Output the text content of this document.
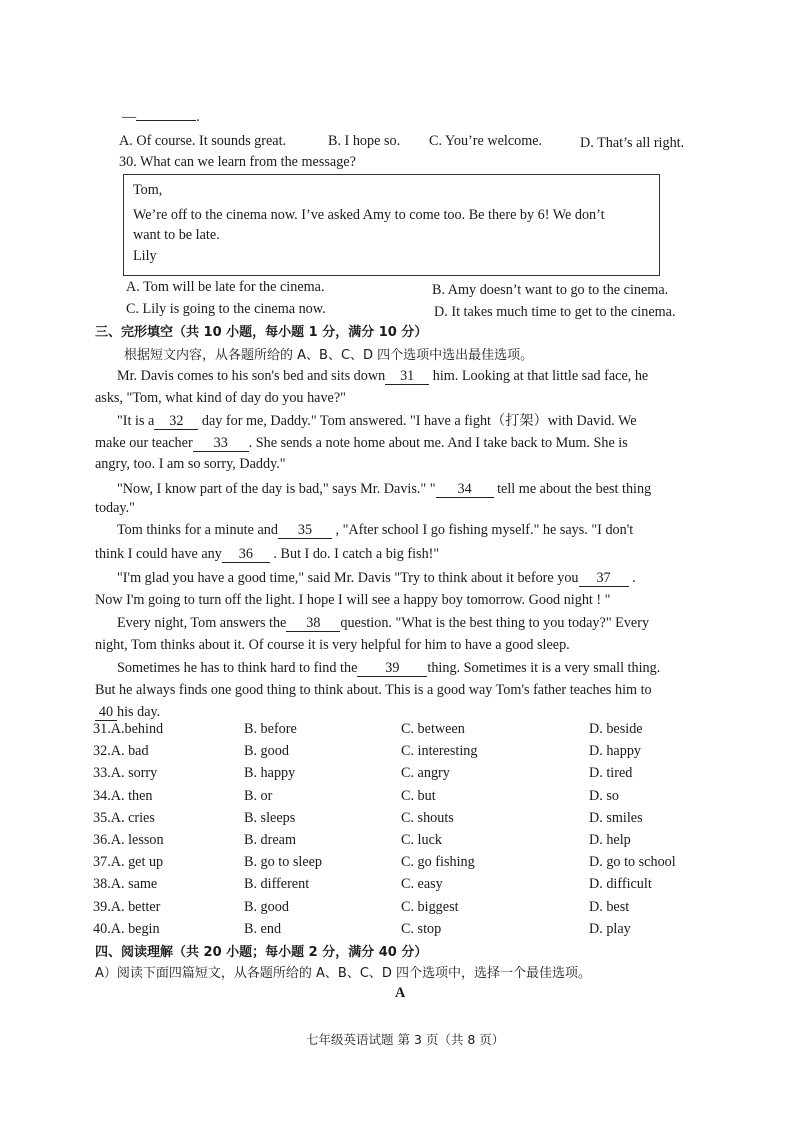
—	.
A. Of course. It sounds great.	B. I hope so. C. You’re welcome.	D. That’s all right.
30. What can we learn from the message?
Tom,
We’re off to the cinema now. I’ve asked Amy to come too. Be there by 6! We don’t
want to be late.
Lily
A. Tom will be late for the cinema.	B. Amy doesn’t want to go to the cinema.
C. Lily is going to the cinema now.	D. It takes much time to get to the cinema.
三、完形填空（共 10 小题，每小题 1 分，满分 10 分）
根据短文内容，从各题所给的 A、B、C、D 四个选项中选出最佳选项。
Mr. Davis comes to his son's bed and sits down 31 him. Looking at that little sad face, he
asks, "Tom, what kind of day do you have?"
"It is a 32 day for me, Daddy." Tom answered. "I have a fight（打架）with David. We
make our teacher 33 . She sends a note home about me. And I take back to Mum. She is
angry, too. I am so sorry, Daddy."
"Now, I know part of the day is bad," says Mr. Davis." " 34 tell me about the best thing
today."
Tom thinks for a minute and 35 , "After school I go fishing myself." he says. "I don't
think I could have any 36 . But I do. I catch a big fish!"
"I'm glad you have a good time," said Mr. Davis "Try to think about it before you 37 .
Now I'm going to turn off the light. I hope I will see a happy boy tomorrow. Good night ! "
Every night, Tom answers the 38 question. "What is the best thing to you today?" Every
night, Tom thinks about it. Of course it is very helpful for him to have a good sleep.
Sometimes he has to think hard to find the 39 thing. Sometimes it is a very small thing.
But he always finds one good thing to think about. This is a good way Tom's father teaches him to
40 his day.
31.A.behind	B. before	C. between	D. beside
32.A. bad	B. good	C. interesting	D. happy
33.A. sorry	B. happy	C. angry	D. tired
34.A. then	B. or	C. but	D. so
35.A. cries	B. sleeps	C. shouts	D. smiles
36.A. lesson	B. dream	C. luck	D. help
37.A. get up	B. go to sleep	C. go fishing	D. go to school
38.A. same	B. different	C. easy	D. difficult
39.A. better	B. good	C. biggest	D. best
40.A. begin	B. end	C. stop	D. play
四、阅读理解（共 20 小题；每小题 2 分，满分 40 分）
A）阅读下面四篇短文，从各题所给的 A、B、C、D 四个选项中，选择一个最佳选项。
A
七年级英语试题 第 3 页（共 8 页）
